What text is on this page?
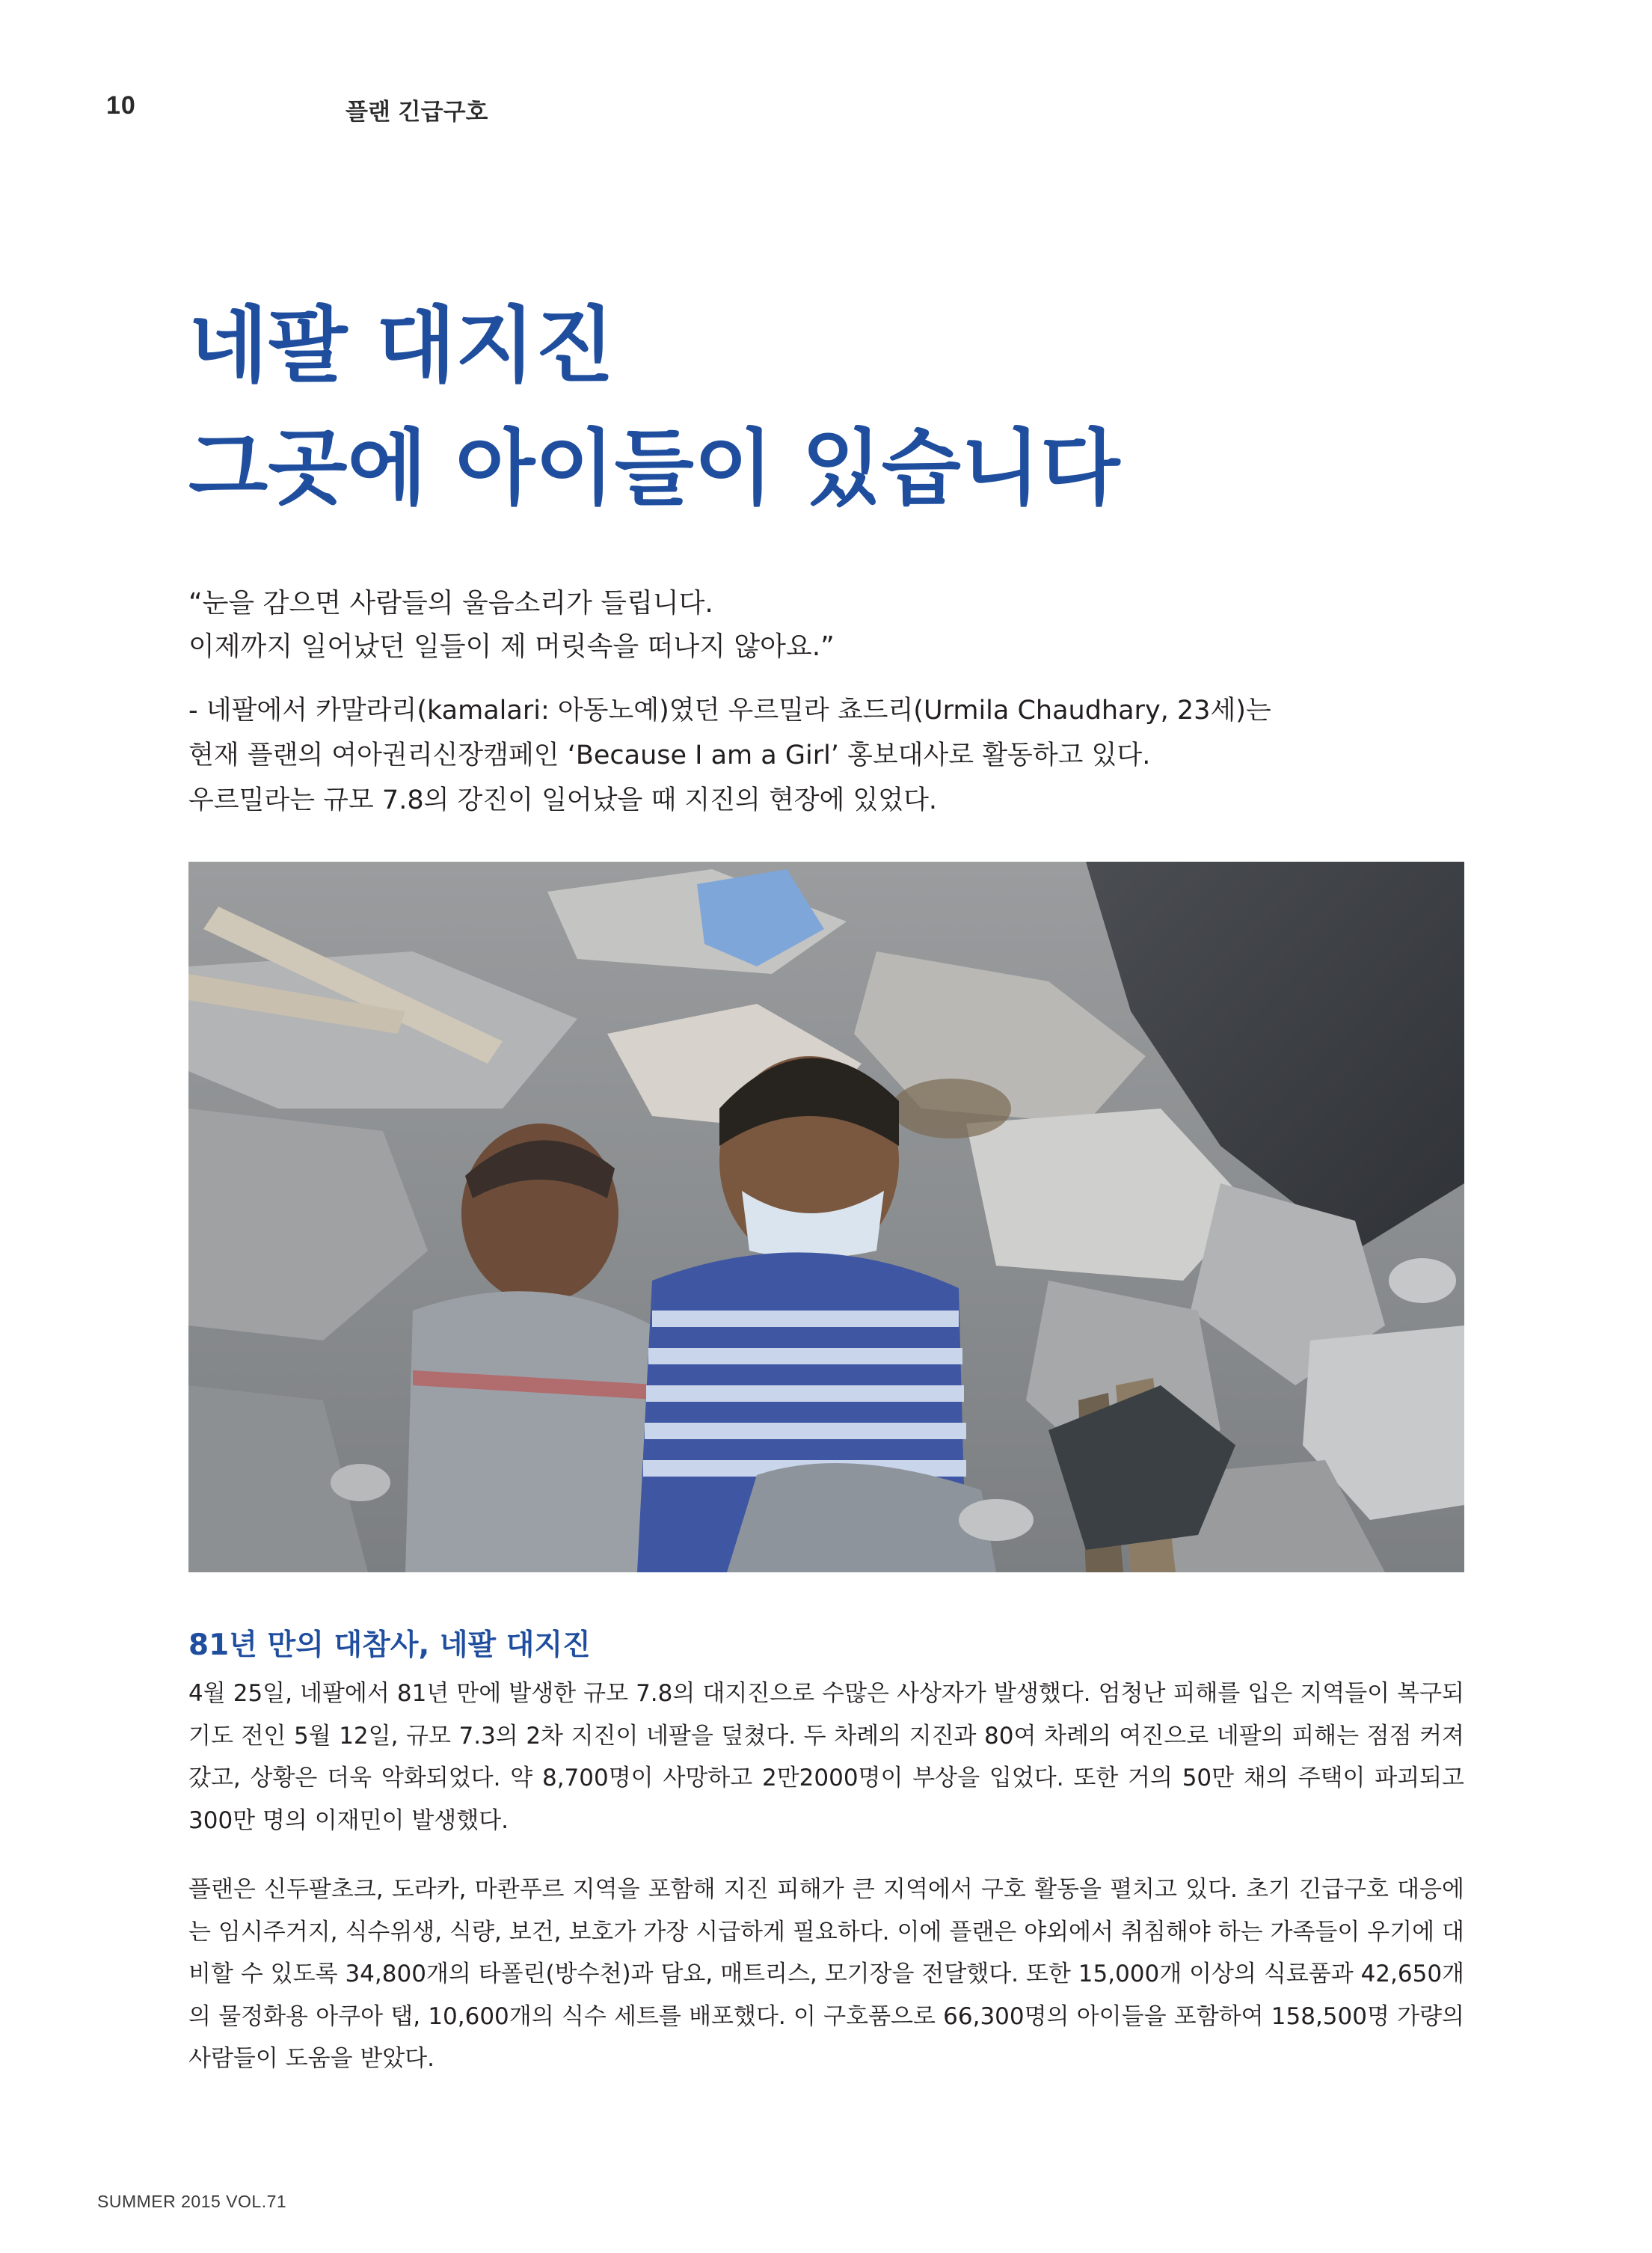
10	플랜 긴급구호
네팔 대지진
그곳에 아이들이 있습니다

“눈을 감으면 사람들의 울음소리가 들립니다.

이제까지 일어났던 일들이 제 머릿속을 떠나지 않아요.”

- 네팔에서 카말라리(kamalari: 아동노예)였던 우르밀라 쵸드리(Urmila Chaudhary, 23세)는

현재 플랜의 여아권리신장캠페인 ‘Because I am a Girl’ 홍보대사로 활동하고 있다.

우르밀라는 규모 7.8의 강진이 일어났을 때 지진의 현장에 있었다.

81년 만의 대참사, 네팔 대지진

4월 25일, 네팔에서 81년 만에 발생한 규모 7.8의 대지진으로 수많은 사상자가 발생했다. 엄청난 피해를 입은 지역들이 복구되기도 전인 5월 12일, 규모 7.3의 2차 지진이 네팔을 덮쳤다. 두 차례의 지진과 80여 차례의 여진으로 네팔의 피해는 점점 커져갔고, 상황은 더욱 악화되었다. 약 8,700명이 사망하고 2만2000명이 부상을 입었다. 또한 거의 50만 채의 주택이 파괴되고 300만 명의 이재민이 발생했다.

플랜은 신두팔초크, 도라카, 마콴푸르 지역을 포함해 지진 피해가 큰 지역에서 구호 활동을 펼치고 있다. 초기 긴급구호 대응에는 임시주거지, 식수위생, 식량, 보건, 보호가 가장 시급하게 필요하다. 이에 플랜은 야외에서 취침해야 하는 가족들이 우기에 대비할 수 있도록 34,800개의 타폴린(방수천)과 담요, 매트리스, 모기장을 전달했다. 또한 15,000개 이상의 식료품과 42,650개의 물정화용 아쿠아 탭, 10,600개의 식수 세트를 배포했다. 이 구호품으로 66,300명의 아이들을 포함하여 158,500명 가량의 사람들이 도움을 받았다.

SUMMER 2015 VOL.71
